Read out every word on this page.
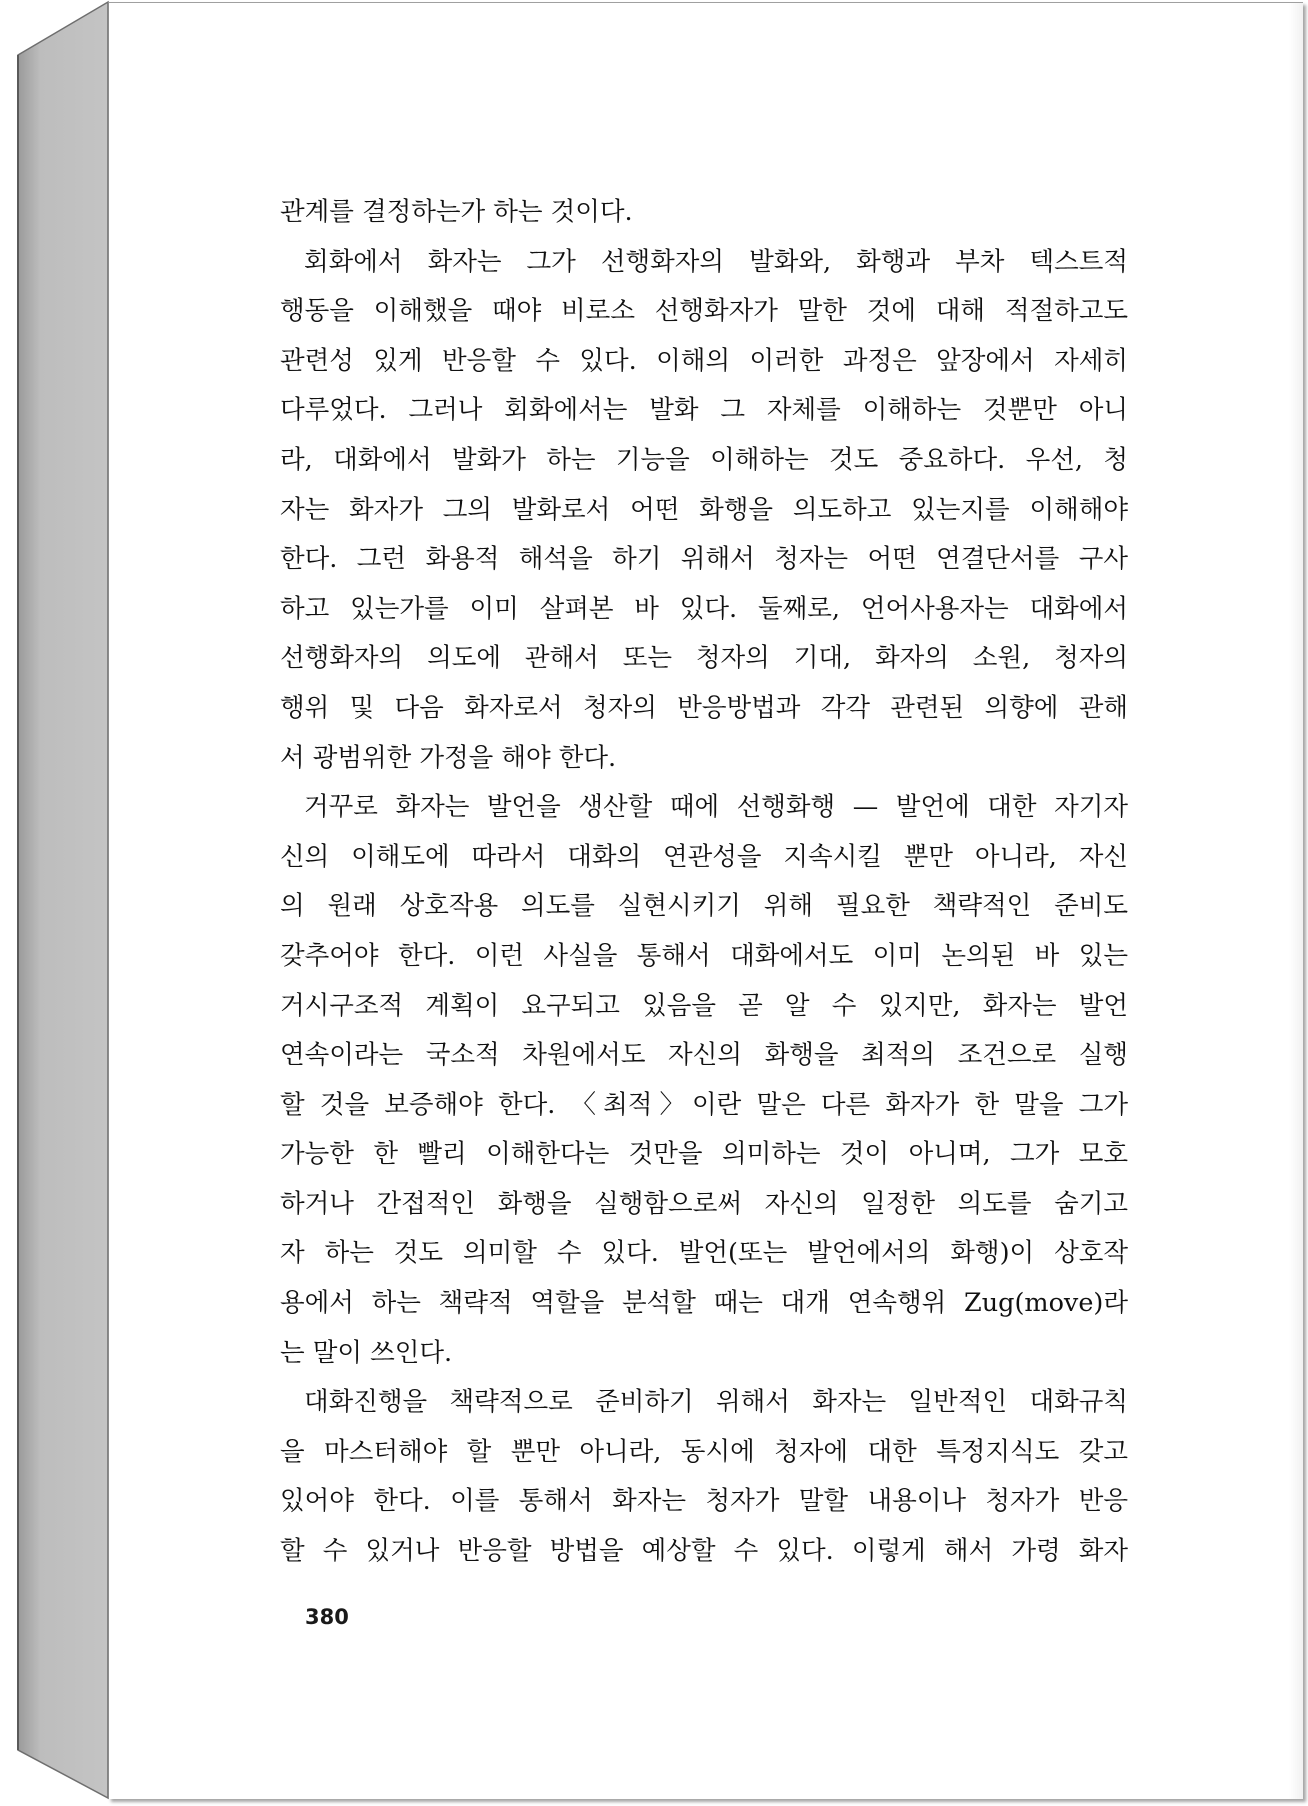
관계를 결정하는가 하는 것이다.
회화에서 화자는 그가 선행화자의 발화와, 화행과 부차 텍스트적
행동을 이해했을 때야 비로소 선행화자가 말한 것에 대해 적절하고도
관련성 있게 반응할 수 있다. 이해의 이러한 과정은 앞장에서 자세히
다루었다. 그러나 회화에서는 발화 그 자체를 이해하는 것뿐만 아니
라, 대화에서 발화가 하는 기능을 이해하는 것도 중요하다. 우선, 청
자는 화자가 그의 발화로서 어떤 화행을 의도하고 있는지를 이해해야
한다. 그런 화용적 해석을 하기 위해서 청자는 어떤 연결단서를 구사
하고 있는가를 이미 살펴본 바 있다. 둘째로, 언어사용자는 대화에서
선행화자의 의도에 관해서 또는 청자의 기대, 화자의 소원, 청자의
행위 및 다음 화자로서 청자의 반응방법과 각각 관련된 의향에 관해
서 광범위한 가정을 해야 한다.
거꾸로 화자는 발언을 생산할 때에 선행화행 — 발언에 대한 자기자
신의 이해도에 따라서 대화의 연관성을 지속시킬 뿐만 아니라, 자신
의 원래 상호작용 의도를 실현시키기 위해 필요한 책략적인 준비도
갖추어야 한다. 이런 사실을 통해서 대화에서도 이미 논의된 바 있는
거시구조적 계획이 요구되고 있음을 곧 알 수 있지만, 화자는 발언
연속이라는 국소적 차원에서도 자신의 화행을 최적의 조건으로 실행
할 것을 보증해야 한다. 〈최적〉이란 말은 다른 화자가 한 말을 그가
가능한 한 빨리 이해한다는 것만을 의미하는 것이 아니며, 그가 모호
하거나 간접적인 화행을 실행함으로써 자신의 일정한 의도를 숨기고
자 하는 것도 의미할 수 있다. 발언(또는 발언에서의 화행)이 상호작
용에서 하는 책략적 역할을 분석할 때는 대개 연속행위 Zug(move)라
는 말이 쓰인다.
대화진행을 책략적으로 준비하기 위해서 화자는 일반적인 대화규칙
을 마스터해야 할 뿐만 아니라, 동시에 청자에 대한 특정지식도 갖고
있어야 한다. 이를 통해서 화자는 청자가 말할 내용이나 청자가 반응
할 수 있거나 반응할 방법을 예상할 수 있다. 이렇게 해서 가령 화자
380
